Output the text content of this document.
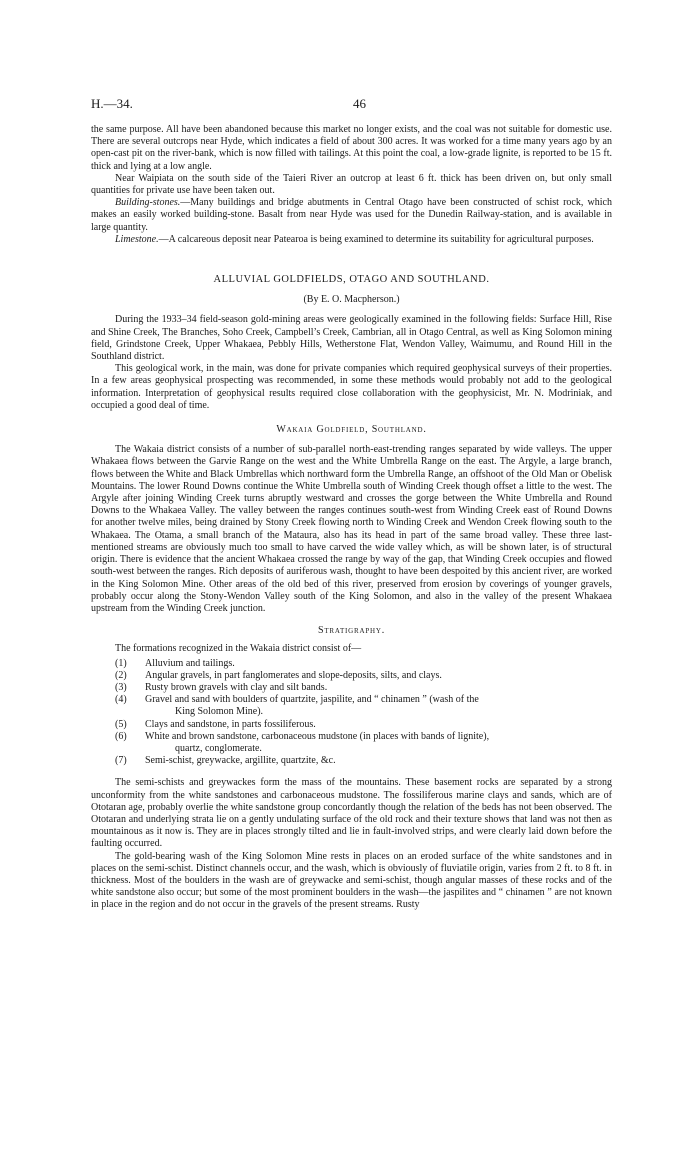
H.—34.	46

the same purpose. All have been abandoned because this market no longer exists, and the coal was not suitable for domestic use. There are several outcrops near Hyde, which indicates a field of about 300 acres. It was worked for a time many years ago by an open-cast pit on the river-bank, which is now filled with tailings. At this point the coal, a low-grade lignite, is reported to be 15 ft. thick and lying at a low angle.

Near Waipiata on the south side of the Taieri River an outcrop at least 6 ft. thick has been driven on, but only small quantities for private use have been taken out.

Building-stones.—Many buildings and bridge abutments in Central Otago have been constructed of schist rock, which makes an easily worked building-stone. Basalt from near Hyde was used for the Dunedin Railway-station, and is available in large quantity.

Limestone.—A calcareous deposit near Patearoa is being examined to determine its suitability for agricultural purposes.

ALLUVIAL GOLDFIELDS, OTAGO AND SOUTHLAND.

(By E. O. Macpherson.)

During the 1933–34 field-season gold-mining areas were geologically examined in the following fields: Surface Hill, Rise and Shine Creek, The Branches, Soho Creek, Campbell’s Creek, Cambrian, all in Otago Central, as well as King Solomon mining field, Grindstone Creek, Upper Whakaea, Pebbly Hills, Wetherstone Flat, Wendon Valley, Waimumu, and Round Hill in the Southland district.

This geological work, in the main, was done for private companies which required geophysical surveys of their properties. In a few areas geophysical prospecting was recommended, in some these methods would probably not add to the geological information. Interpretation of geophysical results required close collaboration with the geophysicist, Mr. N. Modriniak, and occupied a good deal of time.

Wakaia Goldfield, Southland.

The Wakaia district consists of a number of sub-parallel north-east-trending ranges separated by wide valleys. The upper Whakaea flows between the Garvie Range on the west and the White Umbrella Range on the east. The Argyle, a large branch, flows between the White and Black Umbrellas which northward form the Umbrella Range, an offshoot of the Old Man or Obelisk Mountains. The lower Round Downs continue the White Umbrella south of Winding Creek though offset a little to the west. The Argyle after joining Winding Creek turns abruptly westward and crosses the gorge between the White Umbrella and Round Downs to the Whakaea Valley. The valley between the ranges continues south-west from Winding Creek east of Round Downs for another twelve miles, being drained by Stony Creek flowing north to Winding Creek and Wendon Creek flowing south to the Whakaea. The Otama, a small branch of the Mataura, also has its head in part of the same broad valley. These three last-mentioned streams are obviously much too small to have carved the wide valley which, as will be shown later, is of structural origin. There is evidence that the ancient Whakaea crossed the range by way of the gap, that Winding Creek occupies and flowed south-west between the ranges. Rich deposits of auriferous wash, thought to have been despoited by this ancient river, are worked in the King Solomon Mine. Other areas of the old bed of this river, preserved from erosion by coverings of younger gravels, probably occur along the Stony-Wendon Valley south of the King Solomon, and also in the valley of the present Whakaea upstream from the Winding Creek junction.

Stratigraphy.

The formations recognized in the Wakaia district consist of—

(1) Alluvium and tailings.
(2) Angular gravels, in part fanglomerates and slope-deposits, silts, and clays.
(3) Rusty brown gravels with clay and silt bands.
(4) Gravel and sand with boulders of quartzite, jaspilite, and “ chinamen ” (wash of the
King Solomon Mine).
(5) Clays and sandstone, in parts fossiliferous.
(6) White and brown sandstone, carbonaceous mudstone (in places with bands of lignite),
quartz, conglomerate.
(7) Semi-schist, greywacke, argillite, quartzite, &c.

The semi-schists and greywackes form the mass of the mountains. These basement rocks are separated by a strong unconformity from the white sandstones and carbonaceous mudstone. The fossiliferous marine clays and sands, which are of Ototaran age, probably overlie the white sandstone group concordantly though the relation of the beds has not been observed. The Ototaran and underlying strata lie on a gently undulating surface of the old rock and their texture shows that land was not then as mountainous as it now is. They are in places strongly tilted and lie in fault-involved strips, and were clearly laid down before the faulting occurred.

The gold-bearing wash of the King Solomon Mine rests in places on an eroded surface of the white sandstones and in places on the semi-schist. Distinct channels occur, and the wash, which is obviously of fluviatile origin, varies from 2 ft. to 8 ft. in thickness. Most of the boulders in the wash are of greywacke and semi-schist, though angular masses of these rocks and of the white sandstone also occur; but some of the most prominent boulders in the wash—the jaspilites and “ chinamen ” are not known in place in the region and do not occur in the gravels of the present streams. Rusty
